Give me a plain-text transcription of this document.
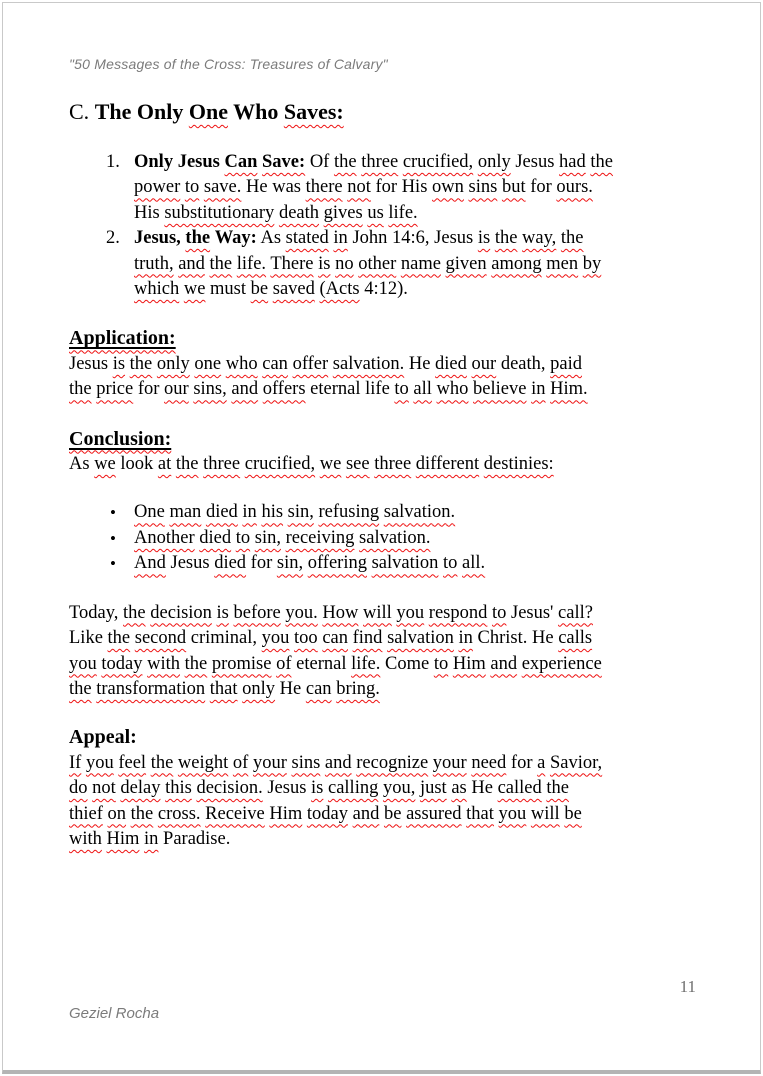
"50 Messages of the Cross: Treasures of Calvary"
C. The Only One Who Saves:
1. Only Jesus Can Save: Of the three crucified, only Jesus had the
power to save. He was there not for His own sins but for ours.
His substitutionary death gives us life.
2. Jesus, the Way: As stated in John 14:6, Jesus is the way, the
truth, and the life. There is no other name given among men by
which we must be saved (Acts 4:12).
Application:
Jesus is the only one who can offer salvation. He died our death, paid
the price for our sins, and offers eternal life to all who believe in Him.
Conclusion:
As we look at the three crucified, we see three different destinies:
• One man died in his sin, refusing salvation.
• Another died to sin, receiving salvation.
• And Jesus died for sin, offering salvation to all.
Today, the decision is before you. How will you respond to Jesus' call?
Like the second criminal, you too can find salvation in Christ. He calls
you today with the promise of eternal life. Come to Him and experience
the transformation that only He can bring.
Appeal:
If you feel the weight of your sins and recognize your need for a Savior,
do not delay this decision. Jesus is calling you, just as He called the
thief on the cross. Receive Him today and be assured that you will be
with Him in Paradise.
11
Geziel Rocha
